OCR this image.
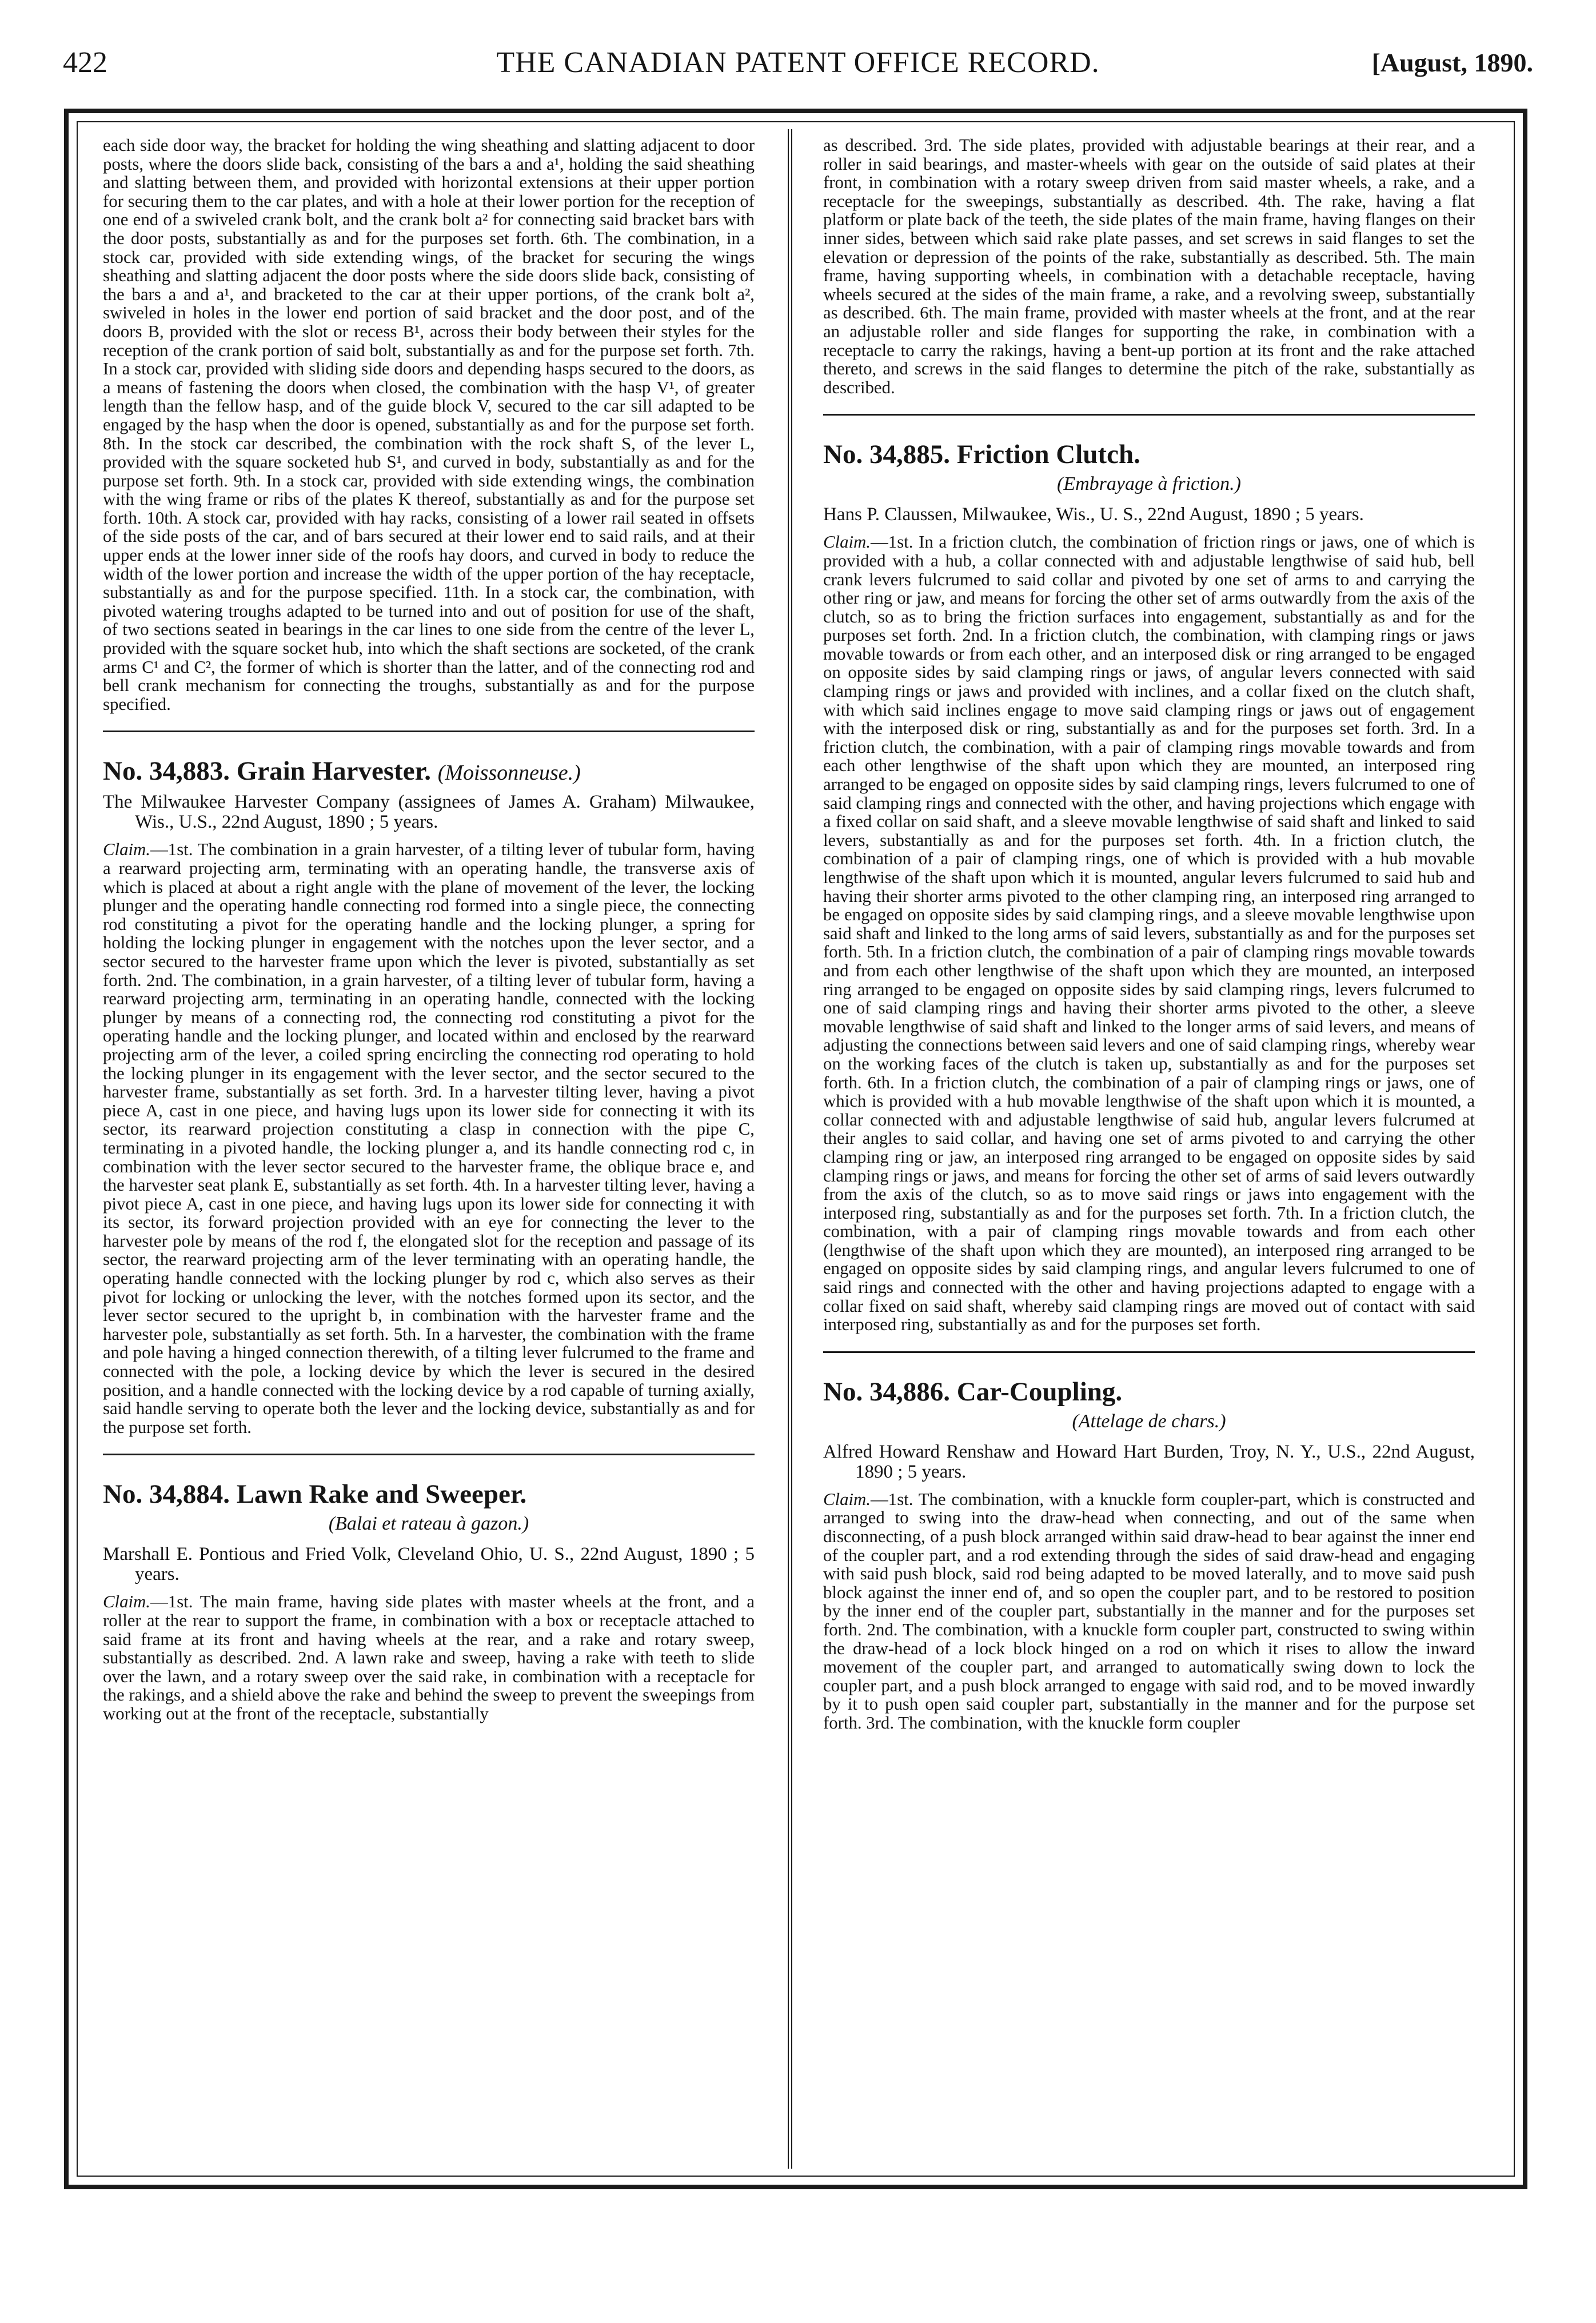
422	THE CANADIAN PATENT OFFICE RECORD.	[August, 1890.

each side door way, the bracket for holding the wing sheathing and slatting adjacent to door posts, where the doors slide back, consisting of the bars a and a¹, holding the said sheathing and slatting between them, and provided with horizontal extensions at their upper portion for securing them to the car plates, and with a hole at their lower portion for the reception of one end of a swiveled crank bolt, and the crank bolt a² for connecting said bracket bars with the door posts, substantially as and for the purposes set forth. 6th. The combination, in a stock car, provided with side extending wings, of the bracket for securing the wings sheathing and slatting adjacent the door posts where the side doors slide back, consisting of the bars a and a¹, and bracketed to the car at their upper portions, of the crank bolt a², swiveled in holes in the lower end portion of said bracket and the door post, and of the doors B, provided with the slot or recess B¹, across their body between their styles for the reception of the crank portion of said bolt, substantially as and for the purpose set forth. 7th. In a stock car, provided with sliding side doors and depending hasps secured to the doors, as a means of fastening the doors when closed, the combination with the hasp V¹, of greater length than the fellow hasp, and of the guide block V, secured to the car sill adapted to be engaged by the hasp when the door is opened, substantially as and for the purpose set forth. 8th. In the stock car described, the combination with the rock shaft S, of the lever L, provided with the square socketed hub S¹, and curved in body, substantially as and for the purpose set forth. 9th. In a stock car, provided with side extending wings, the combination with the wing frame or ribs of the plates K thereof, substantially as and for the purpose set forth. 10th. A stock car, provided with hay racks, consisting of a lower rail seated in offsets of the side posts of the car, and of bars secured at their lower end to said rails, and at their upper ends at the lower inner side of the roofs hay doors, and curved in body to reduce the width of the lower portion and increase the width of the upper portion of the hay receptacle, substantially as and for the purpose specified. 11th. In a stock car, the combination, with pivoted watering troughs adapted to be turned into and out of position for use of the shaft, of two sections seated in bearings in the car lines to one side from the centre of the lever L, provided with the square socket hub, into which the shaft sections are socketed, of the crank arms C¹ and C², the former of which is shorter than the latter, and of the connecting rod and bell crank mechanism for connecting the troughs, substantially as and for the purpose specified.

No. 34,883. Grain Harvester. (Moissonneuse.)

The Milwaukee Harvester Company (assignees of James A. Graham) Milwaukee, Wis., U.S., 22nd August, 1890 ; 5 years.

Claim.—1st. The combination in a grain harvester, of a tilting lever of tubular form, having a rearward projecting arm, terminating with an operating handle, the transverse axis of which is placed at about a right angle with the plane of movement of the lever, the locking plunger and the operating handle connecting rod formed into a single piece, the connecting rod constituting a pivot for the operating handle and the locking plunger, a spring for holding the locking plunger in engagement with the notches upon the lever sector, and a sector secured to the harvester frame upon which the lever is pivoted, substantially as set forth. 2nd. The combination, in a grain harvester, of a tilting lever of tubular form, having a rearward projecting arm, terminating in an operating handle, connected with the locking plunger by means of a connecting rod, the connecting rod constituting a pivot for the operating handle and the locking plunger, and located within and enclosed by the rearward projecting arm of the lever, a coiled spring encircling the connecting rod operating to hold the locking plunger in its engagement with the lever sector, and the sector secured to the harvester frame, substantially as set forth. 3rd. In a harvester tilting lever, having a pivot piece A, cast in one piece, and having lugs upon its lower side for connecting it with its sector, its rearward projection constituting a clasp in connection with the pipe C, terminating in a pivoted handle, the locking plunger a, and its handle connecting rod c, in combination with the lever sector secured to the harvester frame, the oblique brace e, and the harvester seat plank E, substantially as set forth. 4th. In a harvester tilting lever, having a pivot piece A, cast in one piece, and having lugs upon its lower side for connecting it with its sector, its forward projection provided with an eye for connecting the lever to the harvester pole by means of the rod f, the elongated slot for the reception and passage of its sector, the rearward projecting arm of the lever terminating with an operating handle, the operating handle connected with the locking plunger by rod c, which also serves as their pivot for locking or unlocking the lever, with the notches formed upon its sector, and the lever sector secured to the upright b, in combination with the harvester frame and the harvester pole, substantially as set forth. 5th. In a harvester, the combination with the frame and pole having a hinged connection therewith, of a tilting lever fulcrumed to the frame and connected with the pole, a locking device by which the lever is secured in the desired position, and a handle connected with the locking device by a rod capable of turning axially, said handle serving to operate both the lever and the locking device, substantially as and for the purpose set forth.

No. 34,884. Lawn Rake and Sweeper.

(Balai et rateau à gazon.)

Marshall E. Pontious and Fried Volk, Cleveland Ohio, U. S., 22nd August, 1890 ; 5 years.

Claim.—1st. The main frame, having side plates with master wheels at the front, and a roller at the rear to support the frame, in combination with a box or receptacle attached to said frame at its front and having wheels at the rear, and a rake and rotary sweep, substantially as described. 2nd. A lawn rake and sweep, having a rake with teeth to slide over the lawn, and a rotary sweep over the said rake, in combination with a receptacle for the rakings, and a shield above the rake and behind the sweep to prevent the sweepings from working out at the front of the receptacle, substantially

as described. 3rd. The side plates, provided with adjustable bearings at their rear, and a roller in said bearings, and master-wheels with gear on the outside of said plates at their front, in combination with a rotary sweep driven from said master wheels, a rake, and a receptacle for the sweepings, substantially as described. 4th. The rake, having a flat platform or plate back of the teeth, the side plates of the main frame, having flanges on their inner sides, between which said rake plate passes, and set screws in said flanges to set the elevation or depression of the points of the rake, substantially as described. 5th. The main frame, having supporting wheels, in combination with a detachable receptacle, having wheels secured at the sides of the main frame, a rake, and a revolving sweep, substantially as described. 6th. The main frame, provided with master wheels at the front, and at the rear an adjustable roller and side flanges for supporting the rake, in combination with a receptacle to carry the rakings, having a bent-up portion at its front and the rake attached thereto, and screws in the said flanges to determine the pitch of the rake, substantially as described.

No. 34,885. Friction Clutch.

(Embrayage à friction.)

Hans P. Claussen, Milwaukee, Wis., U. S., 22nd August, 1890 ; 5 years.

Claim.—1st. In a friction clutch, the combination of friction rings or jaws, one of which is provided with a hub, a collar connected with and adjustable lengthwise of said hub, bell crank levers fulcrumed to said collar and pivoted by one set of arms to and carrying the other ring or jaw, and means for forcing the other set of arms outwardly from the axis of the clutch, so as to bring the friction surfaces into engagement, substantially as and for the purposes set forth. 2nd. In a friction clutch, the combination, with clamping rings or jaws movable towards or from each other, and an interposed disk or ring arranged to be engaged on opposite sides by said clamping rings or jaws, of angular levers connected with said clamping rings or jaws and provided with inclines, and a collar fixed on the clutch shaft, with which said inclines engage to move said clamping rings or jaws out of engagement with the interposed disk or ring, substantially as and for the purposes set forth. 3rd. In a friction clutch, the combination, with a pair of clamping rings movable towards and from each other lengthwise of the shaft upon which they are mounted, an interposed ring arranged to be engaged on opposite sides by said clamping rings, levers fulcrumed to one of said clamping rings and connected with the other, and having projections which engage with a fixed collar on said shaft, and a sleeve movable lengthwise of said shaft and linked to said levers, substantially as and for the purposes set forth. 4th. In a friction clutch, the combination of a pair of clamping rings, one of which is provided with a hub movable lengthwise of the shaft upon which it is mounted, angular levers fulcrumed to said hub and having their shorter arms pivoted to the other clamping ring, an interposed ring arranged to be engaged on opposite sides by said clamping rings, and a sleeve movable lengthwise upon said shaft and linked to the long arms of said levers, substantially as and for the purposes set forth. 5th. In a friction clutch, the combination of a pair of clamping rings movable towards and from each other lengthwise of the shaft upon which they are mounted, an interposed ring arranged to be engaged on opposite sides by said clamping rings, levers fulcrumed to one of said clamping rings and having their shorter arms pivoted to the other, a sleeve movable lengthwise of said shaft and linked to the longer arms of said levers, and means of adjusting the connections between said levers and one of said clamping rings, whereby wear on the working faces of the clutch is taken up, substantially as and for the purposes set forth. 6th. In a friction clutch, the combination of a pair of clamping rings or jaws, one of which is provided with a hub movable lengthwise of the shaft upon which it is mounted, a collar connected with and adjustable lengthwise of said hub, angular levers fulcrumed at their angles to said collar, and having one set of arms pivoted to and carrying the other clamping ring or jaw, an interposed ring arranged to be engaged on opposite sides by said clamping rings or jaws, and means for forcing the other set of arms of said levers outwardly from the axis of the clutch, so as to move said rings or jaws into engagement with the interposed ring, substantially as and for the purposes set forth. 7th. In a friction clutch, the combination, with a pair of clamping rings movable towards and from each other (lengthwise of the shaft upon which they are mounted), an interposed ring arranged to be engaged on opposite sides by said clamping rings, and angular levers fulcrumed to one of said rings and connected with the other and having projections adapted to engage with a collar fixed on said shaft, whereby said clamping rings are moved out of contact with said interposed ring, substantially as and for the purposes set forth.

No. 34,886. Car-Coupling.

(Attelage de chars.)

Alfred Howard Renshaw and Howard Hart Burden, Troy, N. Y., U.S., 22nd August, 1890 ; 5 years.

Claim.—1st. The combination, with a knuckle form coupler-part, which is constructed and arranged to swing into the draw-head when connecting, and out of the same when disconnecting, of a push block arranged within said draw-head to bear against the inner end of the coupler part, and a rod extending through the sides of said draw-head and engaging with said push block, said rod being adapted to be moved laterally, and to move said push block against the inner end of, and so open the coupler part, and to be restored to position by the inner end of the coupler part, substantially in the manner and for the purposes set forth. 2nd. The combination, with a knuckle form coupler part, constructed to swing within the draw-head of a lock block hinged on a rod on which it rises to allow the inward movement of the coupler part, and arranged to automatically swing down to lock the coupler part, and a push block arranged to engage with said rod, and to be moved inwardly by it to push open said coupler part, substantially in the manner and for the purpose set forth. 3rd. The combination, with the knuckle form coupler
